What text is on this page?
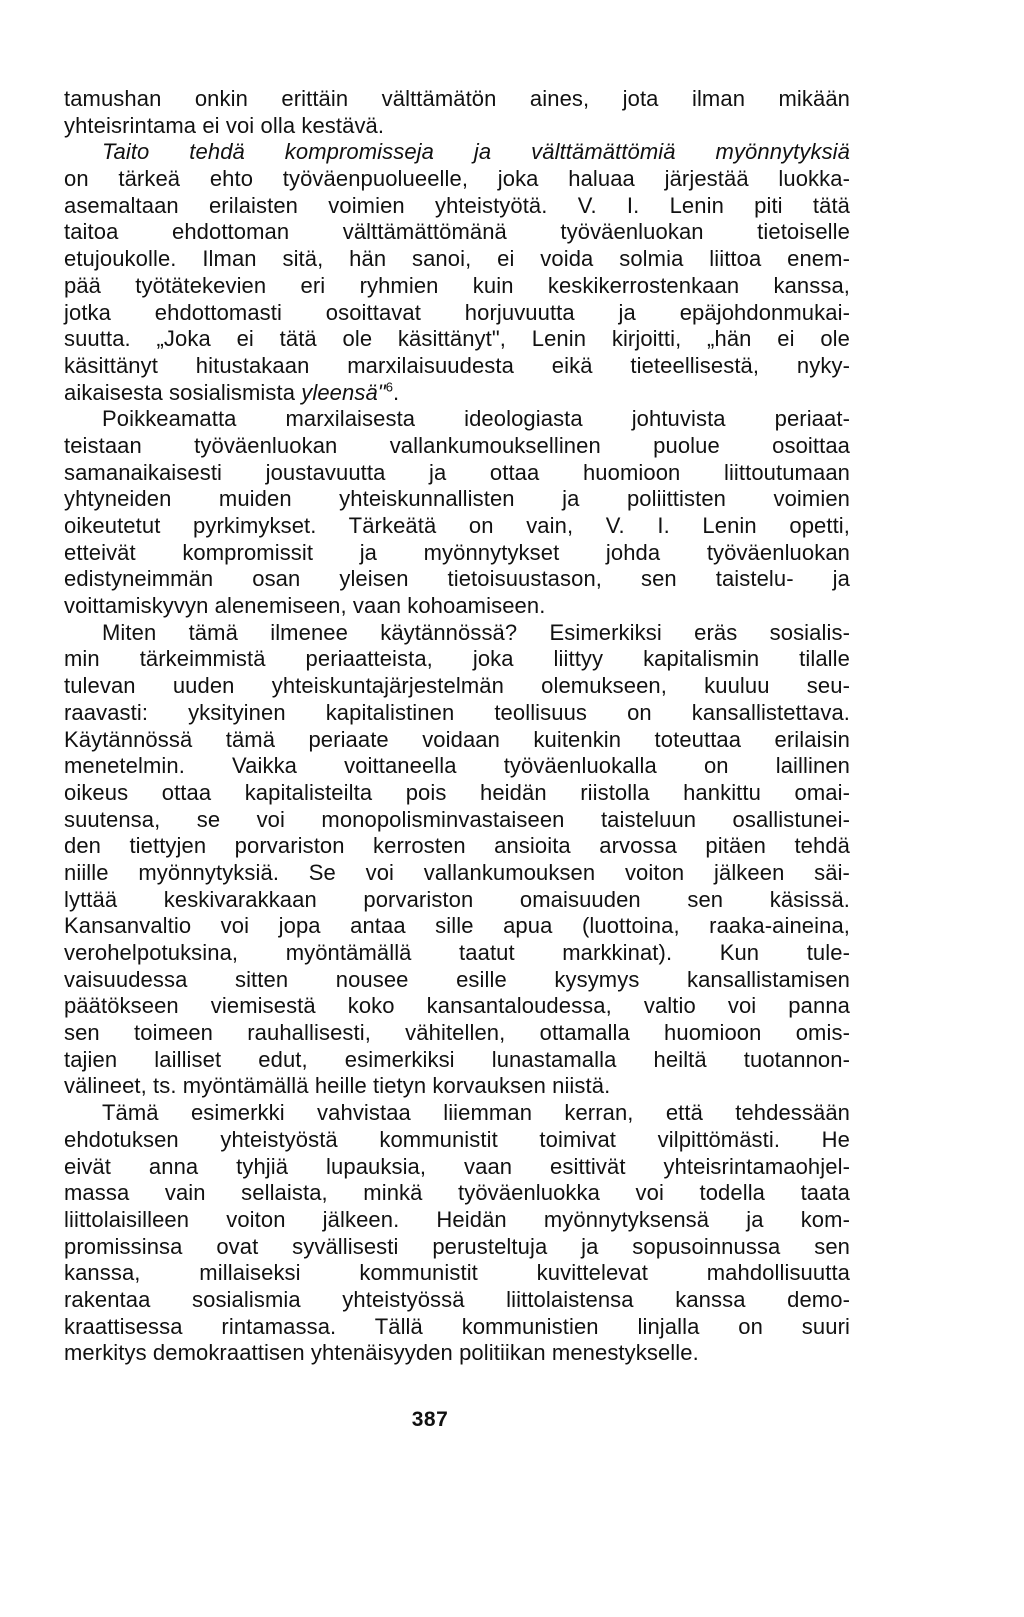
tamushan onkin erittäin välttämätön aines, jota ilman mikään
yhteisrintama ei voi olla kestävä.
Taito tehdä kompromisseja ja välttämättömiä myönnytyksiä
on tärkeä ehto työväenpuolueelle, joka haluaa järjestää luokka-
asemaltaan erilaisten voimien yhteistyötä. V. I. Lenin piti tätä
taitoa ehdottoman välttämättömänä työväenluokan tietoiselle
etujoukolle. Ilman sitä, hän sanoi, ei voida solmia liittoa enem-
pää työtätekevien eri ryhmien kuin keskikerrostenkaan kanssa,
jotka ehdottomasti osoittavat horjuvuutta ja epäjohdonmukai-
suutta. „Joka ei tätä ole käsittänyt", Lenin kirjoitti, „hän ei ole
käsittänyt hitustakaan marxilaisuudesta eikä tieteellisestä, nyky-
aikaisesta sosialismista yleensä"$^6$.
Poikkeamatta marxilaisesta ideologiasta johtuvista periaat-
teistaan työväenluokan vallankumouksellinen puolue osoittaa
samanaikaisesti joustavuutta ja ottaa huomioon liittoutumaan
yhtyneiden muiden yhteiskunnallisten ja poliittisten voimien
oikeutetut pyrkimykset. Tärkeätä on vain, V. I. Lenin opetti,
etteivät kompromissit ja myönnytykset johda työväenluokan
edistyneimmän osan yleisen tietoisuustason, sen taistelu- ja
voittamiskyvyn alenemiseen, vaan kohoamiseen.
Miten tämä ilmenee käytännössä? Esimerkiksi eräs sosialis-
min tärkeimmistä periaatteista, joka liittyy kapitalismin tilalle
tulevan uuden yhteiskuntajärjestelmän olemukseen, kuuluu seu-
raavasti: yksityinen kapitalistinen teollisuus on kansallistettava.
Käytännössä tämä periaate voidaan kuitenkin toteuttaa erilaisin
menetelmin. Vaikka voittaneella työväenluokalla on laillinen
oikeus ottaa kapitalisteilta pois heidän riistolla hankittu omai-
suutensa, se voi monopolisminvastaiseen taisteluun osallistunei-
den tiettyjen porvariston kerrosten ansioita arvossa pitäen tehdä
niille myönnytyksiä. Se voi vallankumouksen voiton jälkeen säi-
lyttää keskivarakkaan porvariston omaisuuden sen käsissä.
Kansanvaltio voi jopa antaa sille apua (luottoina, raaka-aineina,
verohelpotuksina, myöntämällä taatut markkinat). Kun tule-
vaisuudessa sitten nousee esille kysymys kansallistamisen
päätökseen viemisestä koko kansantaloudessa, valtio voi panna
sen toimeen rauhallisesti, vähitellen, ottamalla huomioon omis-
tajien lailliset edut, esimerkiksi lunastamalla heiltä tuotannon-
välineet, ts. myöntämällä heille tietyn korvauksen niistä.
Tämä esimerkki vahvistaa liiemman kerran, että tehdessään
ehdotuksen yhteistyöstä kommunistit toimivat vilpittömästi. He
eivät anna tyhjiä lupauksia, vaan esittivät yhteisrintamaohjel-
massa vain sellaista, minkä työväenluokka voi todella taata
liittolaisilleen voiton jälkeen. Heidän myönnytyksensä ja kom-
promissinsa ovat syvällisesti perusteltuja ja sopusoinnussa sen
kanssa, millaiseksi kommunistit kuvittelevat mahdollisuutta
rakentaa sosialismia yhteistyössä liittolaistensa kanssa demo-
kraattisessa rintamassa. Tällä kommunistien linjalla on suuri
merkitys demokraattisen yhtenäisyyden politiikan menestykselle.
387
